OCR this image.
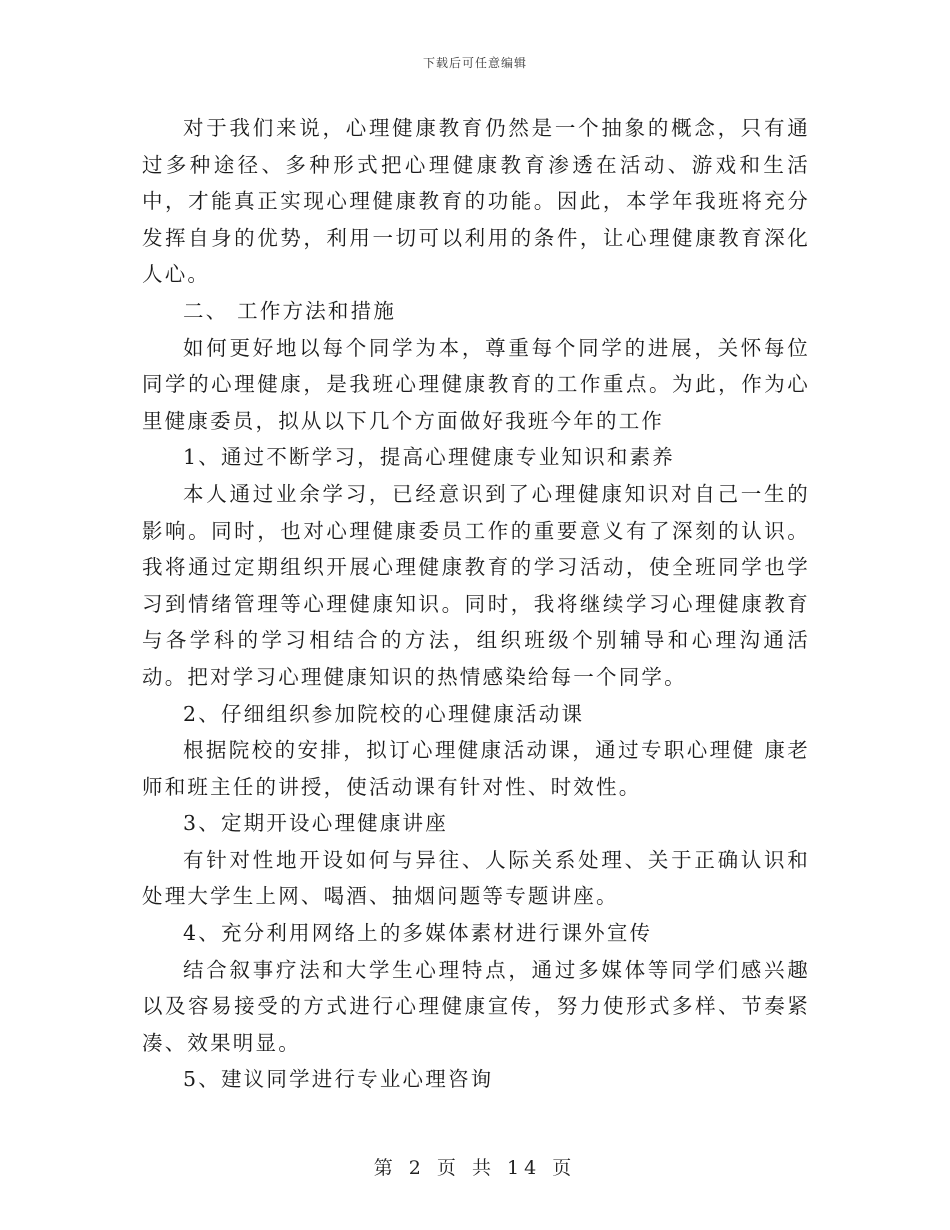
下载后可任意编辑

对于我们来说，心理健康教育仍然是一个抽象的概念，只有通过多种途径、多种形式把心理健康教育渗透在活动、游戏和生活中，才能真正实现心理健康教育的功能。因此，本学年我班将充分发挥自身的优势，利用一切可以利用的条件，让心理健康教育深化人心。

二、 工作方法和措施

如何更好地以每个同学为本，尊重每个同学的进展，关怀每位同学的心理健康，是我班心理健康教育的工作重点。为此，作为心里健康委员，拟从以下几个方面做好我班今年的工作

1、通过不断学习，提高心理健康专业知识和素养

本人通过业余学习，已经意识到了心理健康知识对自己一生的影响。同时，也对心理健康委员工作的重要意义有了深刻的认识。我将通过定期组织开展心理健康教育的学习活动，使全班同学也学习到情绪管理等心理健康知识。同时，我将继续学习心理健康教育与各学科的学习相结合的方法，组织班级个别辅导和心理沟通活动。把对学习心理健康知识的热情感染给每一个同学。

2、仔细组织参加院校的心理健康活动课

根据院校的安排，拟订心理健康活动课，通过专职心理健 康老师和班主任的讲授，使活动课有针对性、时效性。

3、定期开设心理健康讲座

有针对性地开设如何与异往、人际关系处理、关于正确认识和处理大学生上网、喝酒、抽烟问题等专题讲座。

4、充分利用网络上的多媒体素材进行课外宣传

结合叙事疗法和大学生心理特点，通过多媒体等同学们感兴趣以及容易接受的方式进行心理健康宣传，努力使形式多样、节奏紧凑、效果明显。

5、建议同学进行专业心理咨询

第 2 页 共 14 页
